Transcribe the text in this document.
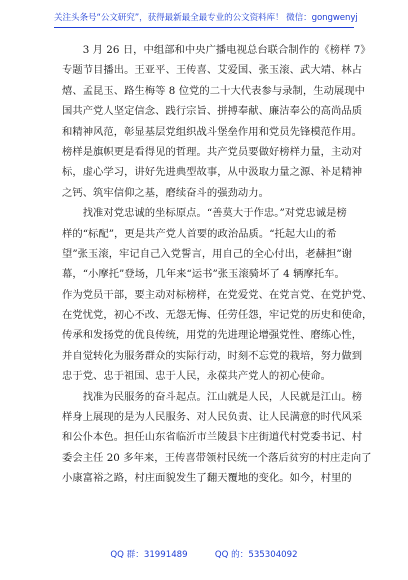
关注头条号“公文研究”，获得最新最全最专业的公文资料库！ 微信：gongwenyj
　　3 月 26 日，中组部和中央广播电视总台联合制作的《榜样 7》
专题节目播出。王亚平、王传喜、艾爱国、张玉滚、武大靖、林占
熺、孟昆玉、路生梅等 8 位党的二十大代表参与录制，生动展现中
国共产党人坚定信念、践行宗旨、拼搏奉献、廉洁奉公的高尚品质
和精神风范，彰显基层党组织战斗堡垒作用和党员先锋模范作用。
榜样是旗帜更是看得见的哲理。共产党员要做好榜样力量，主动对
标，虚心学习，讲好先进典型故事，从中汲取力量之源、补足精神
之钙、筑牢信仰之基，磨续奋斗的强劲动力。
　　找准对党忠诚的坐标原点。“善莫大于作忠。”对党忠诚是榜
样的“标配”，更是共产党人首要的政治品质。“托起大山的希
望”张玉滚，牢记自己入党誓言，用自己的全心付出，老赫担”谢
幕，“小摩托”登场，几年来“运书”张玉滚骑坏了 4 辆摩托车。
作为党员干部，要主动对标榜样，在党爱党、在党言党、在党护党、
在党忧党，初心不改、无怨无悔、任劳任怨，牢记党的历史和使命，
传承和发扬党的优良传统，用党的先进理论增强党性、磨练心性，
并自觉转化为服务群众的实际行动，时刻不忘党的栽培，努力做到
忠于党、忠于祖国、忠于人民，永葆共产党人的初心使命。
　　找准为民服务的奋斗起点。江山就是人民，人民就是江山。榜
样身上展现的是为人民服务、对人民负责、让人民满意的时代风采
和公仆本色。担任山东省临沂市兰陵县卞庄街道代村党委书记、村
委会主任 20 多年来，王传喜带领村民统一个落后贫穷的村庄走向了
小康富裕之路，村庄面貌发生了翻天覆地的变化。如今，村里的
QQ 群：31991489          QQ 的：535304092
